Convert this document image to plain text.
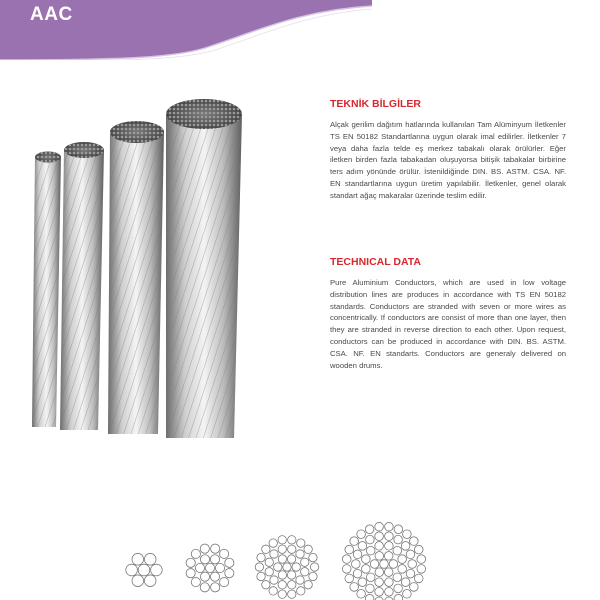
AAC
TEKNİK BİLGİLER

Alçak gerilim dağıtım hatlarında kullanılan Tam Alüminyum İletkenler TS EN 50182 Standartlarına uygun olarak imal edilirler. İletkenler 7 veya daha fazla telde eş merkez tabakalı olarak örülürler. Eğer iletken birden fazla tabakadan oluşuyorsa bitişik tabakalar birbirine ters adım yönünde örülür. İstenildiğinde DIN. BS. ASTM. CSA. NF. EN standartlarına uygun üretim yapılabilir. İletkenler, genel olarak standart ağaç makaralar üzerinde teslim edilir.

TECHNICAL DATA

Pure Aluminium Conductors, which are used in low voltage distribution lines are produces in accordance with TS EN 50182 standards. Conductors are stranded with seven or more wires as concentrically. If conductors are consist of more than one layer, then they are stranded in reverse direction to each other. Upon request, conductors can be produced in accordance with DIN. BS. ASTM. CSA. NF. EN standarts. Conductors are generaly delivered on wooden drums.
